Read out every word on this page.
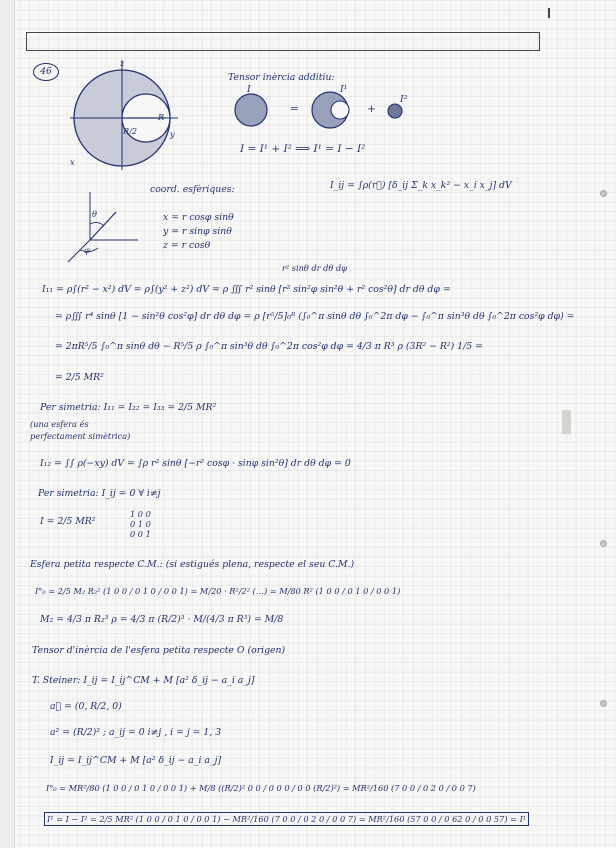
46
z
y
x
R
R/2
Tensor inèrcia additiu:
I	I¹
I²
=	+
I = I¹ + I² ⟹ I¹ = I − I²
coord. esfèriques:	I_ij = ∫ρ(r⃗) [δ_ij Σ_k x_k² − x_i x_j] dV
θ
φ
x = r cosφ sinθ
y = r sinφ sinθ
z = r cosθ
r² sinθ dr dθ dφ
I₁₁ = ρ∫(r² − x²) dV = ρ∫(y² + z²) dV = ρ ∭ r² sinθ [r² sin²φ sin²θ + r² cos²θ] dr dθ dφ =
= ρ∭ r⁴ sinθ [1 − sin²θ cos²φ] dr dθ dφ = ρ [r⁵/5]₀ᴿ (∫₀^π sinθ dθ ∫₀^2π dφ − ∫₀^π sin³θ dθ ∫₀^2π cos²φ dφ) =
= 2πR⁵/5 ∫₀^π sinθ dθ − R⁵/5 ρ ∫₀^π sin³θ dθ ∫₀^2π cos²φ dφ = 4/3 π R³ ρ (3R² − R²) 1/5 =
= 2/5 MR²
Per simetria: I₁₁ = I₂₂ = I₃₃ = 2/5 MR²
(una esfera és
perfectament simètrica)
I₁₂ = ∫∫ ρ(−xy) dV = ∫ρ r² sinθ [−r² cosφ · sinφ sin²θ] dr dθ dφ = 0
Per simetria: I_ij = 0 ∀ i≠j
I = 2/5 MR²
1 0 0
0 1 0
0 0 1
Esfera petita respecte C.M.: (si estigués plena, respecte el seu C.M.)
I°₀ = 2/5 M₂ R₂² (1 0 0 / 0 1 0 / 0 0 1) = M/20 · R²/2² (…) = M/80 R² (1 0 0 / 0 1 0 / 0 0 1)
M₂ = 4/3 π R₂³ ρ = 4/3 π (R/2)³ · M/(4/3 π R³) = M/8
Tensor d'inèrcia de l'esfera petita respecte O (origen)
T. Steiner: I_ij = I_ij^CM + M [a² δ_ij − a_i a_j]
a⃗ = (0, R/2, 0)
a² = (R/2)² ; a_ij = 0 i≠j , i = j = 1, 3
I_ij = I_ij^CM + M [a² δ_ij − a_i a_j]
I°₀ = MR²/80 (1 0 0 / 0 1 0 / 0 0 1) + M/8 ((R/2)² 0 0 / 0 0 0 / 0 0 (R/2)²) = MR²/160 (7 0 0 / 0 2 0 / 0 0 7)
I¹ = I − I² = 2/5 MR² (1 0 0 / 0 1 0 / 0 0 1) − MR²/160 (7 0 0 / 0 2 0 / 0 0 7) = MR²/160 (57 0 0 / 0 62 0 / 0 0 57) = I¹
